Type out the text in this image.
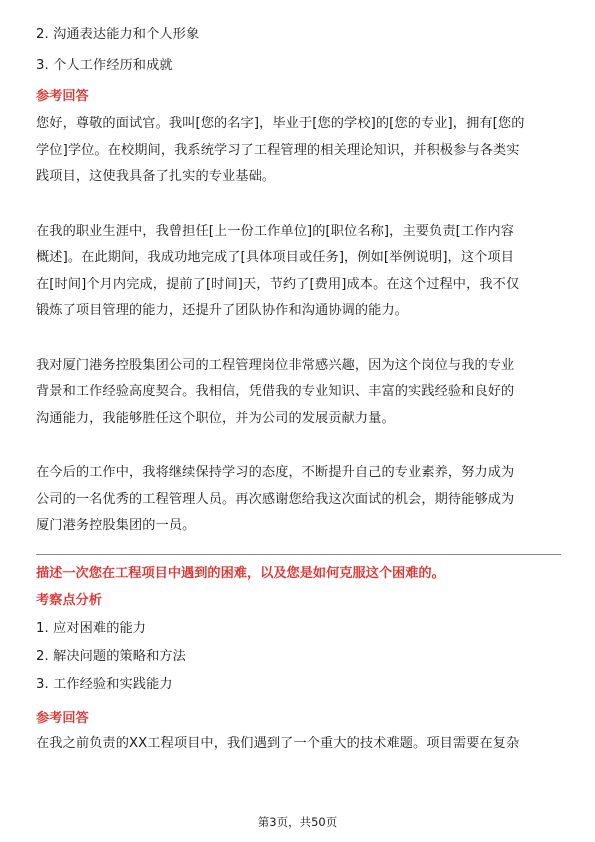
2. 沟通表达能力和个人形象
3. 个人工作经历和成就
参考回答
您好，尊敬的面试官。我叫[您的名字]，毕业于[您的学校]的[您的专业]，拥有[您的
学位]学位。在校期间，我系统学习了工程管理的相关理论知识，并积极参与各类实
践项目，这使我具备了扎实的专业基础。
在我的职业生涯中，我曾担任[上一份工作单位]的[职位名称]，主要负责[工作内容
概述]。在此期间，我成功地完成了[具体项目或任务]，例如[举例说明]，这个项目
在[时间]个月内完成，提前了[时间]天，节约了[费用]成本。在这个过程中，我不仅
锻炼了项目管理的能力，还提升了团队协作和沟通协调的能力。
我对厦门港务控股集团公司的工程管理岗位非常感兴趣，因为这个岗位与我的专业
背景和工作经验高度契合。我相信，凭借我的专业知识、丰富的实践经验和良好的
沟通能力，我能够胜任这个职位，并为公司的发展贡献力量。
在今后的工作中，我将继续保持学习的态度，不断提升自己的专业素养，努力成为
公司的一名优秀的工程管理人员。再次感谢您给我这次面试的机会，期待能够成为
厦门港务控股集团的一员。
描述一次您在工程项目中遇到的困难，以及您是如何克服这个困难的。
考察点分析
1. 应对困难的能力
2. 解决问题的策略和方法
3. 工作经验和实践能力
参考回答
在我之前负责的XX工程项目中，我们遇到了一个重大的技术难题。项目需要在复杂
第3页，共50页
